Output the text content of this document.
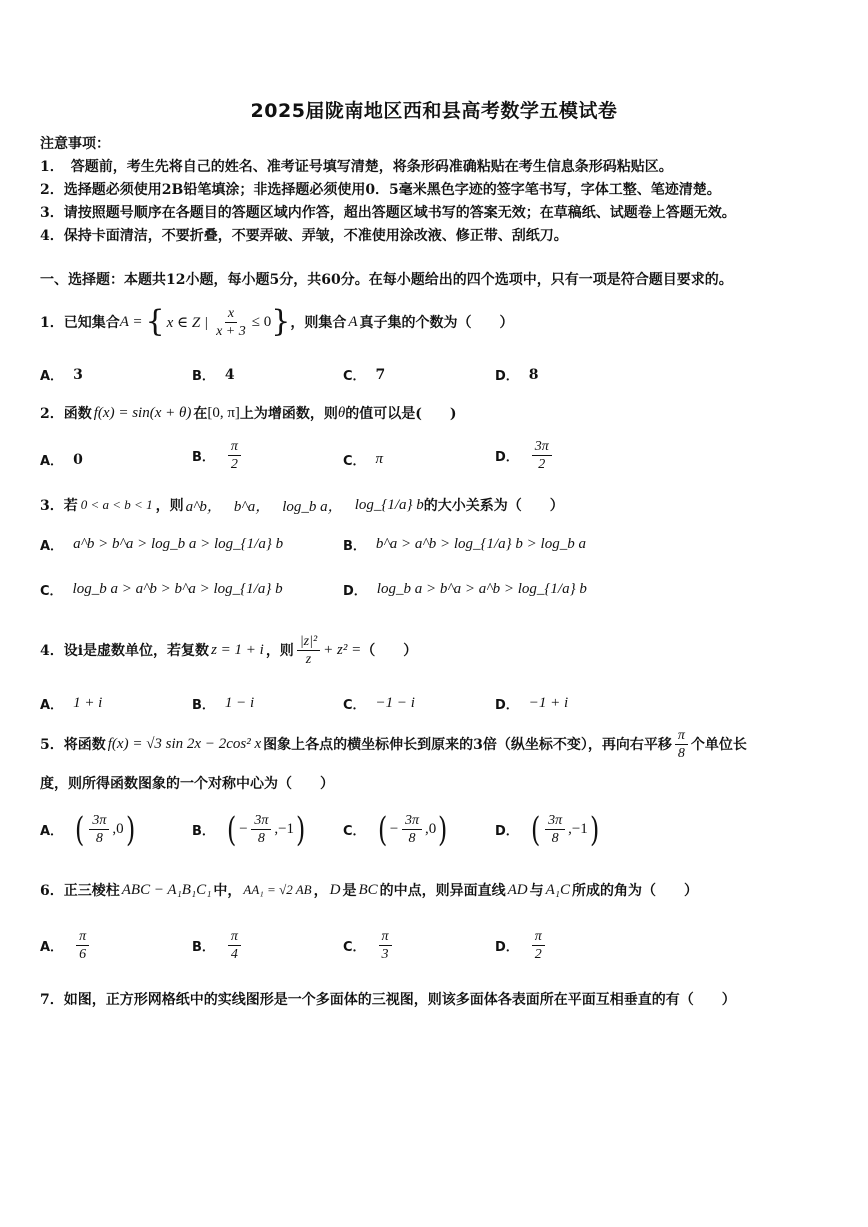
2025届陇南地区西和县高考数学五模试卷
注意事项：
1．　答题前，考生先将自己的姓名、准考证号填写清楚，将条形码准确粘贴在考生信息条形码粘贴区。
2．选择题必须使用2B铅笔填涂；非选择题必须使用0．5毫米黑色字迹的签字笔书写，字体工整、笔迹清楚。
3．请按照题号顺序在各题目的答题区域内作答，超出答题区域书写的答案无效；在草稿纸、试题卷上答题无效。
4．保持卡面清洁，不要折叠，不要弄破、弄皱，不准使用涂改液、修正带、刮纸刀。
一、选择题：本题共12小题，每小题5分，共60分。在每小题给出的四个选项中，只有一项是符合题目要求的。
1．已知集合 A = { x ∈ Z | $\frac{x}{x + 3} \le 0$ } ，则集合 A 真子集的个数为（　　）
A． 3	B． 4	C． 7	D． 8
2．函数 f(x) = sin(x + θ) 在 [0, π] 上为增函数，则 θ 的值可以是(　　)
A． 0	B． $\frac{\pi}{2}$	C． π	D． $\frac{3\pi}{2}$
3．若 0 < a < b < 1 ，则 a^b， b^a， log_b a， log_{1/a} b 的大小关系为（　　）
A． a^b > b^a > log_b a > log_{1/a} b	B． b^a > a^b > log_{1/a} b > log_b a
C． log_b a > a^b > b^a > log_{1/a} b	D． log_b a > b^a > a^b > log_{1/a} b
4．设i是虚数单位，若复数 z = 1 + i ，则 $\frac{\text{|z|²}}{z} + z^2$ = （　　）
A． 1 + i	B． 1 − i	C． −1 − i	D． −1 + i
5．将函数 f(x) = √3 sin 2x − 2cos² x 图象上各点的横坐标伸长到原来的3倍（纵坐标不变），再向右平移 $\frac{\pi}{8}$ 个单位长
度，则所得函数图象的一个对称中心为（　　）
A． ( $\frac{3\pi}{8} ,0$ )	B． ( − $\frac{3\pi}{8} ,-1$ )	C． ( − $\frac{3\pi}{8} ,0$ )	D． ( $\frac{3\pi}{8} ,-1$ )
6．正三棱柱 ABC − A₁B₁C₁ 中， AA₁ = √2 AB ， D 是 BC 的中点，则异面直线 AD 与 A₁C 所成的角为（　　）
A． $\frac{\pi}{6}$	B． $\frac{\pi}{4}$	C． $\frac{\pi}{3}$	D． $\frac{\pi}{2}$
7．如图，正方形网格纸中的实线图形是一个多面体的三视图，则该多面体各表面所在平面互相垂直的有（　　）
